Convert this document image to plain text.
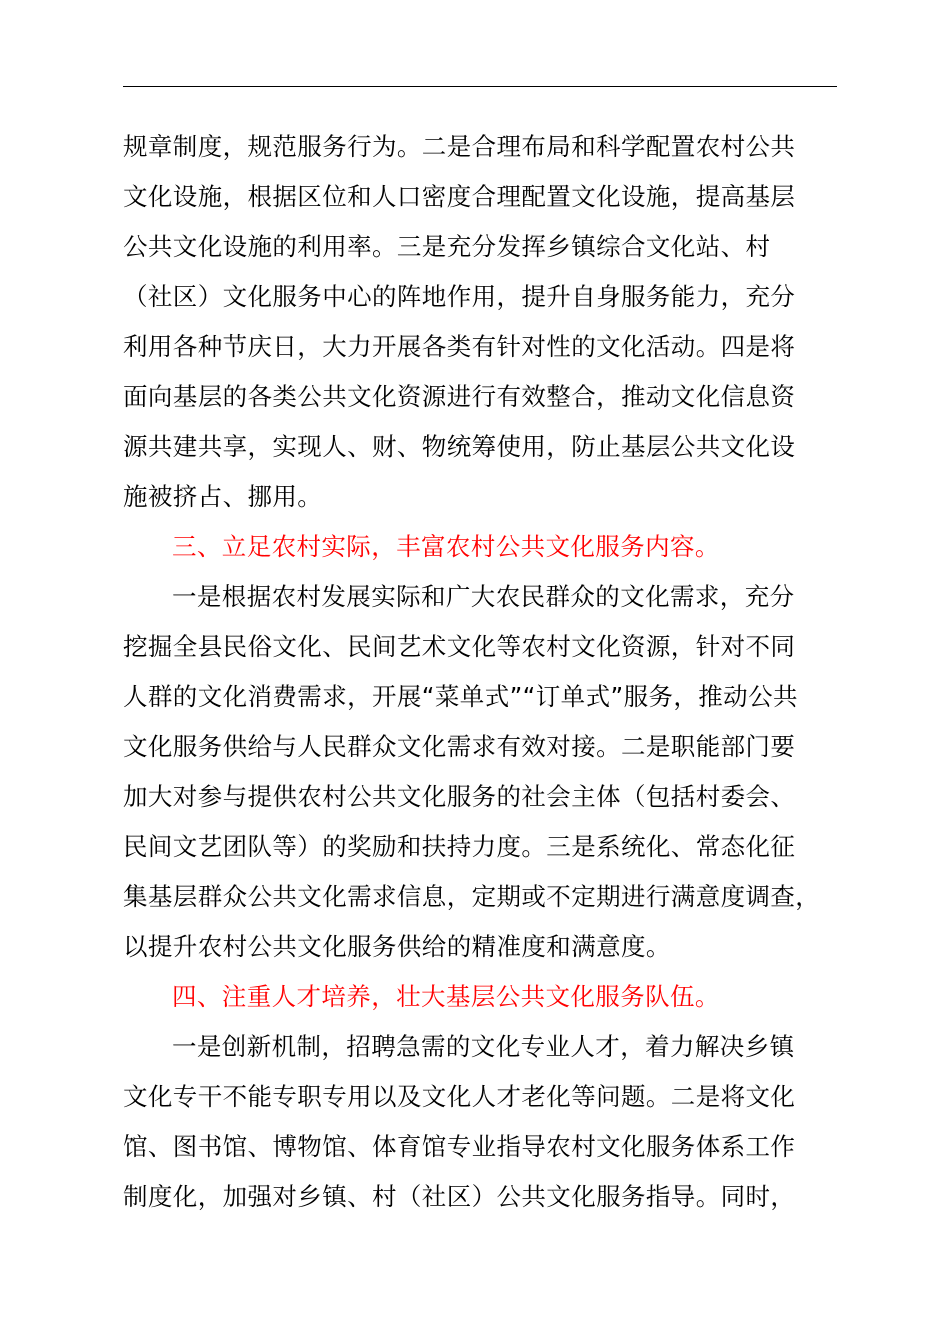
规章制度，规范服务行为。二是合理布局和科学配置农村公共
文化设施，根据区位和人口密度合理配置文化设施，提高基层
公共文化设施的利用率。三是充分发挥乡镇综合文化站、村
（社区）文化服务中心的阵地作用，提升自身服务能力，充分
利用各种节庆日，大力开展各类有针对性的文化活动。四是将
面向基层的各类公共文化资源进行有效整合，推动文化信息资
源共建共享，实现人、财、物统筹使用，防止基层公共文化设
施被挤占、挪用。
三、立足农村实际，丰富农村公共文化服务内容。
一是根据农村发展实际和广大农民群众的文化需求，充分
挖掘全县民俗文化、民间艺术文化等农村文化资源，针对不同
人群的文化消费需求，开展“菜单式”“订单式”服务，推动公共
文化服务供给与人民群众文化需求有效对接。二是职能部门要
加大对参与提供农村公共文化服务的社会主体（包括村委会、
民间文艺团队等）的奖励和扶持力度。三是系统化、常态化征
集基层群众公共文化需求信息，定期或不定期进行满意度调查，
以提升农村公共文化服务供给的精准度和满意度。
四、注重人才培养，壮大基层公共文化服务队伍。
一是创新机制，招聘急需的文化专业人才，着力解决乡镇
文化专干不能专职专用以及文化人才老化等问题。二是将文化
馆、图书馆、博物馆、体育馆专业指导农村文化服务体系工作
制度化，加强对乡镇、村（社区）公共文化服务指导。同时，
